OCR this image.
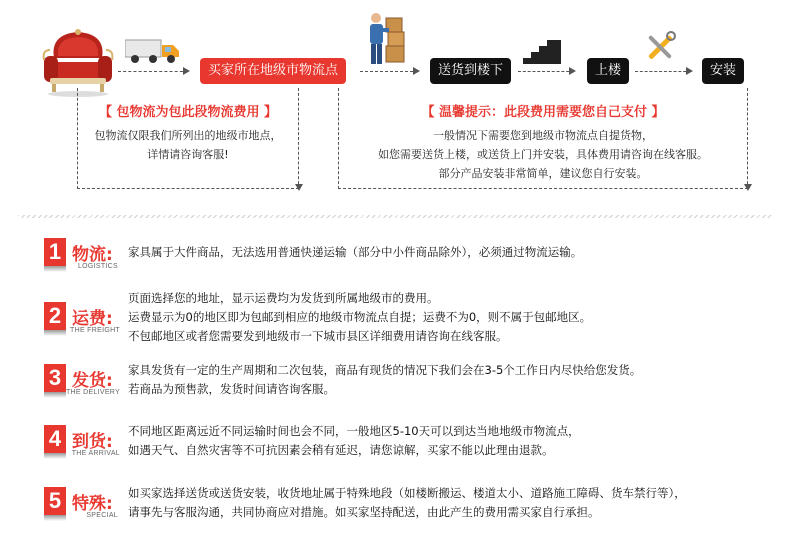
买家所在地级市物流点	送货到楼下	上楼	安装
【 包物流为包此段物流费用 】
包物流仅限我们所列出的地级市地点，
详情请咨询客服!
【 温馨提示：此段费用需要您自己支付 】
一般情况下需要您到地级市物流点自提货物，
如您需要送货上楼，或送货上门并安装，具体费用请咨询在线客服。
部分产品安装非常简单，建议您自行安装。
1 物流:
LOGISTICS
家具属于大件商品，无法选用普通快递运输（部分中小件商品除外），必须通过物流运输。
2 运费:
THE FREIGHT
页面选择您的地址，显示运费均为发货到所属地级市的费用。
运费显示为0的地区即为包邮到相应的地级市物流点自提；运费不为0，则不属于包邮地区。
不包邮地区或者您需要发到地级市一下城市县区详细费用请咨询在线客服。
3 发货:
THE DELIVERY
家具发货有一定的生产周期和二次包装，商品有现货的情况下我们会在3-5个工作日内尽快给您发货。
若商品为预售款，发货时间请咨询客服。
4 到货:
THE ARRIVAL
不同地区距离远近不同运输时间也会不同，一般地区5-10天可以到达当地地级市物流点，
如遇天气、自然灾害等不可抗因素会稍有延迟，请您谅解，买家不能以此理由退款。
5 特殊:
SPECIAL
如买家选择送货或送货安装，收货地址属于特殊地段（如楼断搬运、楼道太小、道路施工障碍、货车禁行等），
请事先与客服沟通，共同协商应对措施。如买家坚持配送，由此产生的费用需买家自行承担。
